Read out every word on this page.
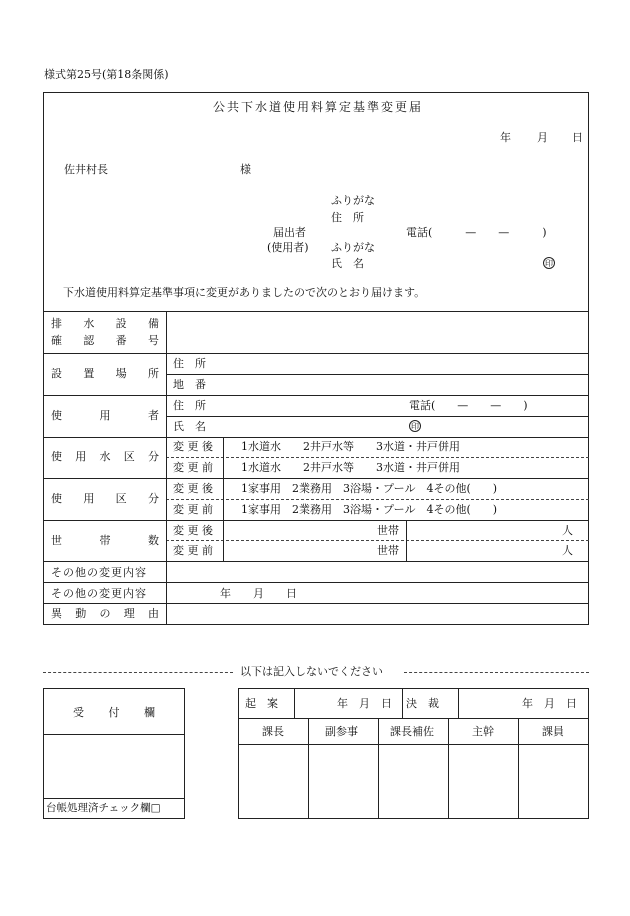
様式第25号(第18条関係)
公共下水道使用料算定基準変更届
年 月 日
佐井村長	様
ふりがな
住　所
届出者	電話(　　　—　　—　　　)
(使用者) ふりがな
氏　名	印
下水道使用料算定基準事項に変更がありましたので次のとおり届けます。
排 水 設 備
確 認 番 号
設 置 場 所
住　所
地　番
使	用	者
住　所	電話(　　—　　—　　)
氏　名	印
使 用 水 区 分
変 更 後	1水道水　　2井戸水等　　3水道・井戸併用
変 更 前	1水道水　　2井戸水等　　3水道・井戸併用
使 用 区 分
変 更 後	1家事用　2業務用　3浴場・プール　4その他(　　)
変 更 前	1家事用　2業務用　3浴場・プール　4その他(　　)
世	帯	数
変 更 後	世帯	人
変 更 前	世帯	人
その他の変更内容
その他の変更内容	年　　月　　日
異 動 の 理 由
以下は記入しないでください
受 付 欄
台帳処理済チェック欄□
起　案	年　月　日 決　裁	年　月　日
課長	副参事	課長補佐	主幹	課員
